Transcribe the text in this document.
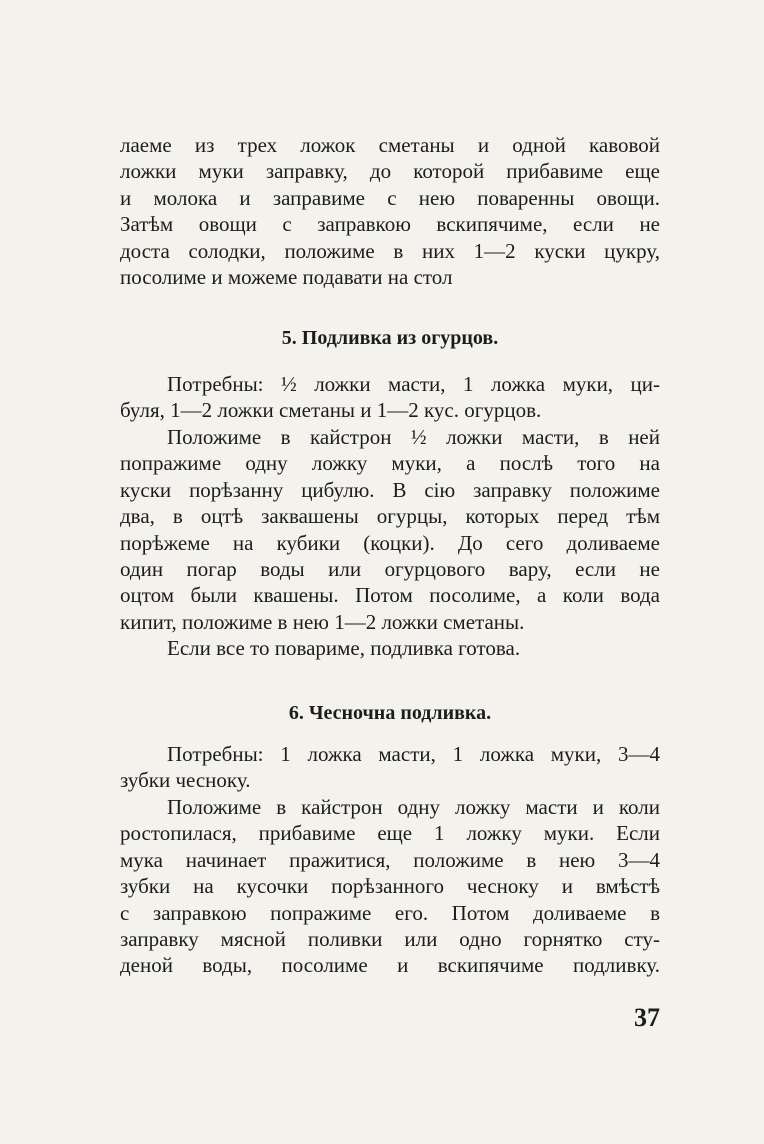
лаеме из трех ложок сметаны и одной кавовой
ложки муки заправку, до которой прибавиме еще
и молока и заправиме с нею поваренны овощи.
Затѣм овощи с заправкою вскипячиме, если не
доста солодки, положиме в них 1—2 куски цукру,
посолиме и можеме подавати на стол
5. Подливка из огурцов.
Потребны: ½ ложки масти, 1 ложка муки, ци-
буля, 1—2 ложки сметаны и 1—2 кус. огурцов.
Положиме в кайстрон ½ ложки масти, в ней
попражиме одну ложку муки, а послѣ того на
куски порѣзанну цибулю. В сію заправку положиме
два, в оцтѣ заквашены огурцы, которых перед тѣм
порѣжеме на кубики (коцки). До сего доливаеме
один погар воды или огурцового вару, если не
оцтом были квашены. Потом посолиме, а коли вода
кипит, положиме в нею 1—2 ложки сметаны.
Если все то повариме, подливка готова.
6. Чесночна подливка.
Потребны: 1 ложка масти, 1 ложка муки, 3—4
зубки чесноку.
Положиме в кайстрон одну ложку масти и коли
ростопилася, прибавиме еще 1 ложку муки. Если
мука начинает пражитися, положиме в нею 3—4
зубки на кусочки порѣзанного чесноку и вмѣстѣ
с заправкою попражиме его. Потом доливаеме в
заправку мясной поливки или одно горнятко сту-
деной воды, посолиме и вскипячиме подливку.
37
